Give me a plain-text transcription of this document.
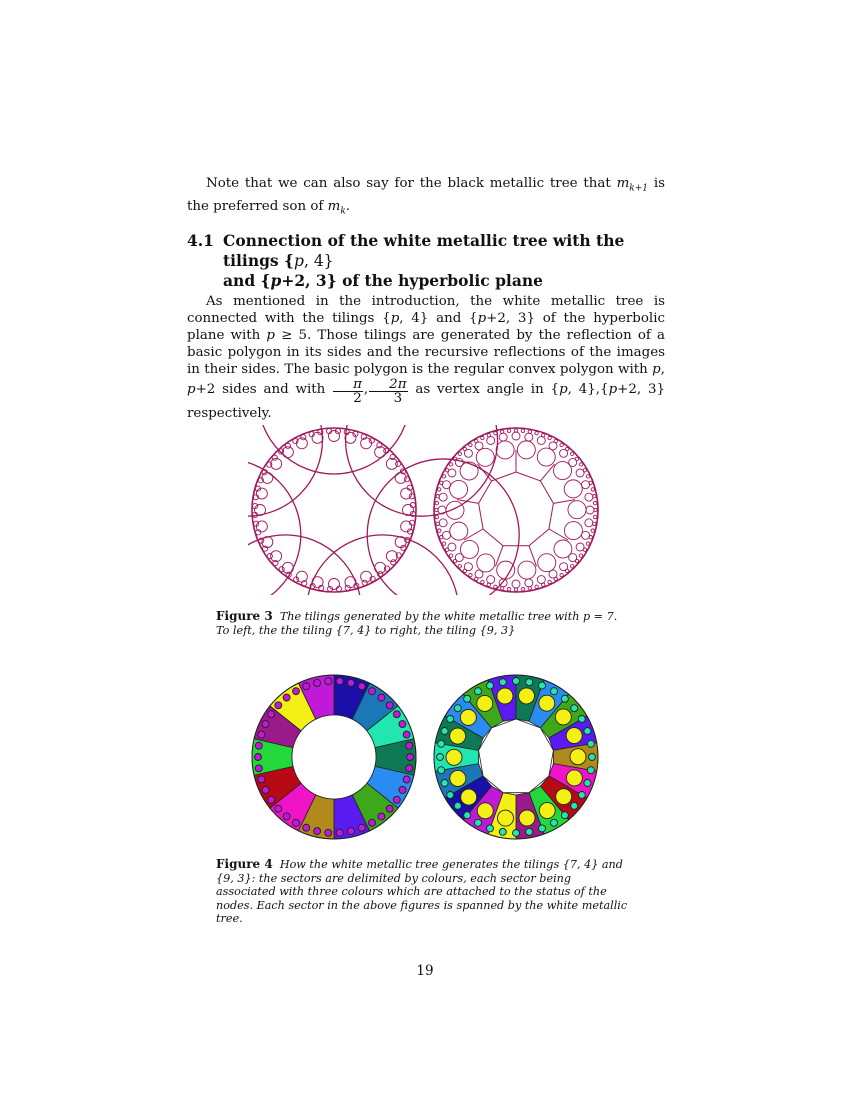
Note that we can also say for the black metallic tree that $m_{k+1}$ is the preferred son of $m_k$.
4.1 Connection of the white metallic tree with the tilings {p, 4}
and {p+2, 3} of the hyperbolic plane
As mentioned in the introduction, the white metallic tree is connected with the tilings {p, 4} and {p+2, 3} of the hyperbolic plane with p ≥ 5. Those tilings are generated by the reflection of a basic polygon in its sides and the recursive reflections of the images in their sides. The basic polygon is the regular convex polygon with p, p+2 sides and with $\frac{\pi}{2}$ , $\frac{2\pi}{3}$ as vertex angle in {p, 4},{p+2, 3} respectively.
Figure 3 The tilings generated by the white metallic tree with p = 7. To left, the the tiling {7, 4} to right, the tiling {9, 3}
Figure 4 How the white metallic tree generates the tilings {7, 4} and {9, 3}: the sectors are delimited by colours, each sector being associated with three colours which are attached to the status of the nodes. Each sector in the above figures is spanned by the white metallic tree.
19
